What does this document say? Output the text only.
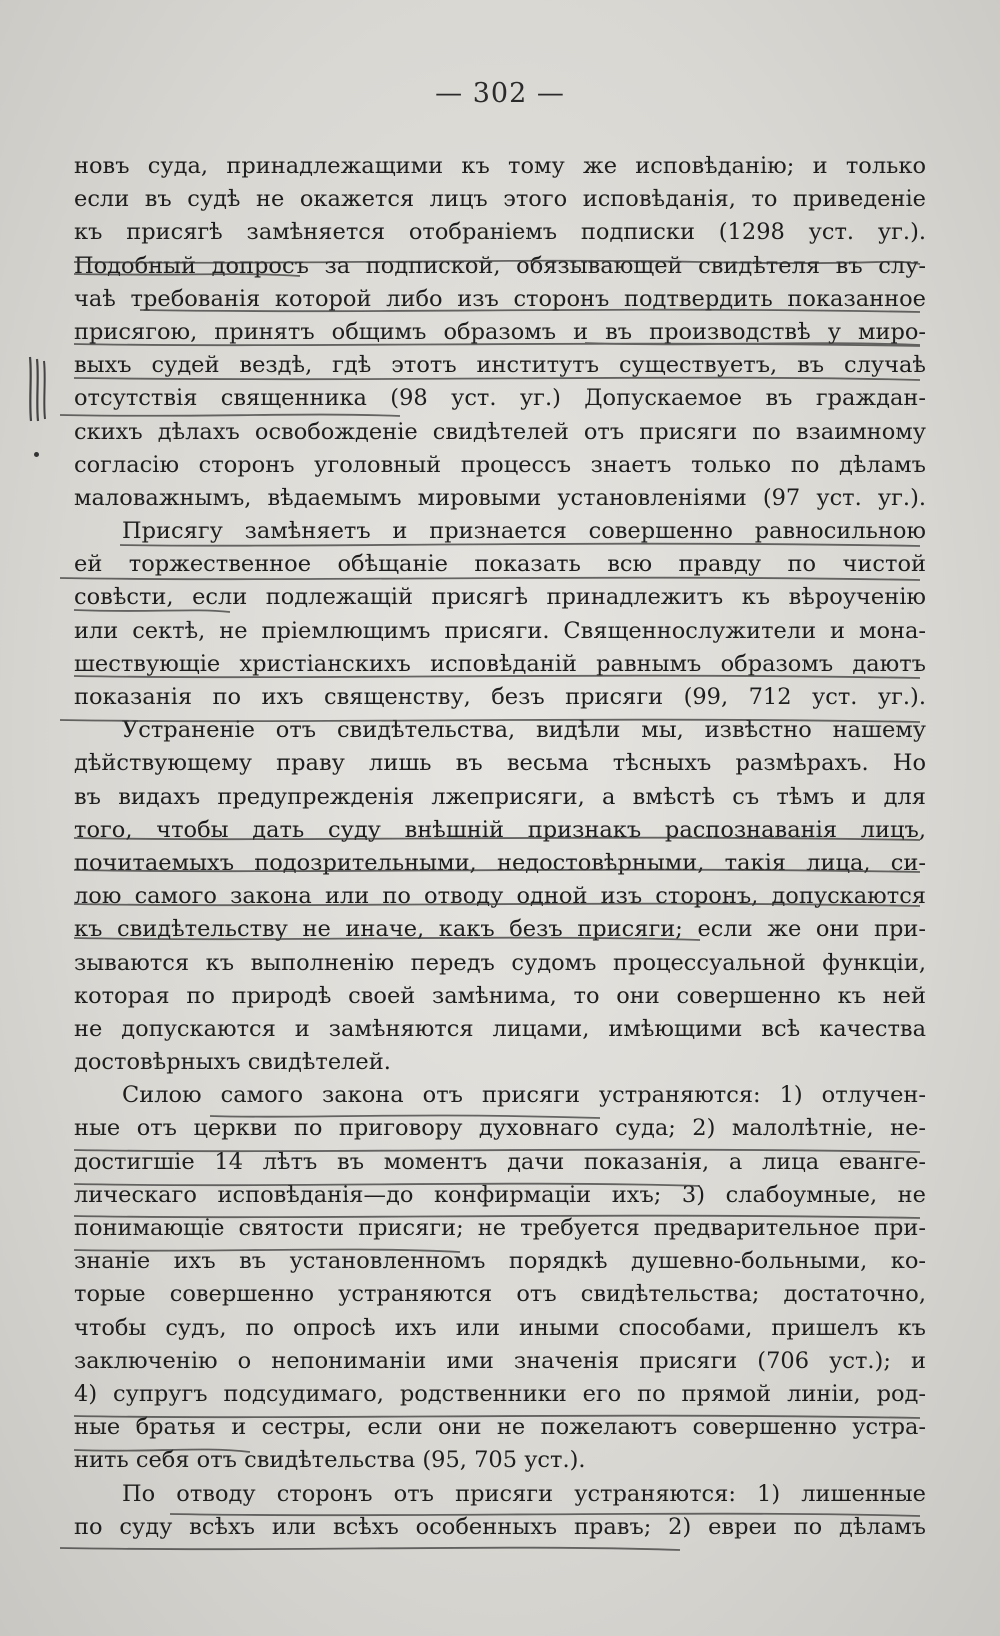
— 302 —
новъ суда, принадлежащими къ тому же исповѣданію; и только
если въ судѣ не окажется лицъ этого исповѣданія, то приведеніе
къ присягѣ замѣняется отобраніемъ подписки (1298 уст. уг.).
Подобный допросъ за подпиской, обязывающей свидѣтеля въ слу-
чаѣ требованія которой либо изъ сторонъ подтвердить показанное
присягою, принятъ общимъ образомъ и въ производствѣ у миро-
выхъ судей вездѣ, гдѣ этотъ институтъ существуетъ, въ случаѣ
отсутствія священника (98 уст. уг.) Допускаемое въ граждан-
скихъ дѣлахъ освобожденіе свидѣтелей отъ присяги по взаимному
согласію сторонъ уголовный процессъ знаетъ только по дѣламъ
маловажнымъ, вѣдаемымъ мировыми установленіями (97 уст. уг.).
Присягу замѣняетъ и признается совершенно равносильною
ей торжественное обѣщаніе показать всю правду по чистой
совѣсти, если подлежащій присягѣ принадлежитъ къ вѣроученію
или сектѣ, не пріемлющимъ присяги. Священнослужители и мона-
шествующіе христіанскихъ исповѣданій равнымъ образомъ даютъ
показанія по ихъ священству, безъ присяги (99, 712 уст. уг.).
Устраненіе отъ свидѣтельства, видѣли мы, извѣстно нашему
дѣйствующему праву лишь въ весьма тѣсныхъ размѣрахъ. Но
въ видахъ предупрежденія лжеприсяги, а вмѣстѣ съ тѣмъ и для
того, чтобы дать суду внѣшній признакъ распознаванія лицъ,
почитаемыхъ подозрительными, недостовѣрными, такія лица, си-
лою самого закона или по отводу одной изъ сторонъ, допускаются
къ свидѣтельству не иначе, какъ безъ присяги; если же они при-
зываются къ выполненію передъ судомъ процессуальной функціи,
которая по природѣ своей замѣнима, то они совершенно къ ней
не допускаются и замѣняются лицами, имѣющими всѣ качества
достовѣрныхъ свидѣтелей.
Силою самого закона отъ присяги устраняются: 1) отлучен-
ные отъ церкви по приговору духовнаго суда; 2) малолѣтніе, не-
достигшіе 14 лѣтъ въ моментъ дачи показанія, а лица еванге-
лическаго исповѣданія—до конфирмаціи ихъ; 3) слабоумные, не
понимающіе святости присяги; не требуется предварительное при-
знаніе ихъ въ установленномъ порядкѣ душевно-больными, ко-
торые совершенно устраняются отъ свидѣтельства; достаточно,
чтобы судъ, по опросѣ ихъ или иными способами, пришелъ къ
заключенію о непониманіи ими значенія присяги (706 уст.); и
4) супругъ подсудимаго, родственники его по прямой линіи, род-
ные братья и сестры, если они не пожелаютъ совершенно устра-
нить себя отъ свидѣтельства (95, 705 уст.).
По отводу сторонъ отъ присяги устраняются: 1) лишенные
по суду всѣхъ или всѣхъ особенныхъ правъ; 2) евреи по дѣламъ
